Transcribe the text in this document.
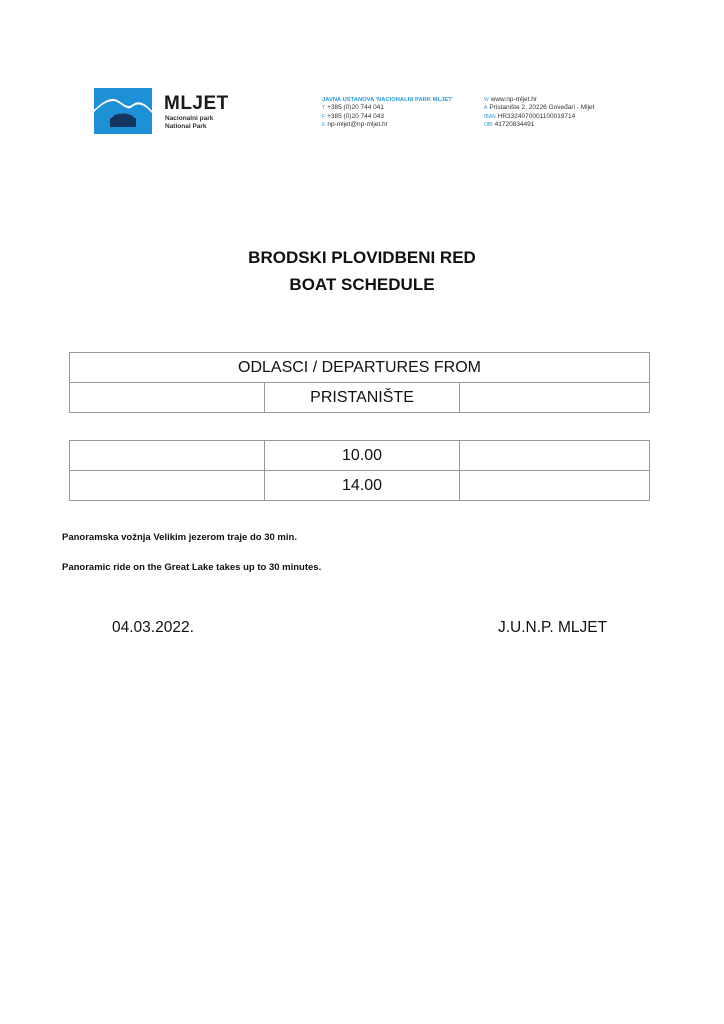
MLJET
Nacionalni park
National Park
JAVNA USTANOVA 'NACIONALNI PARK MLJET'
T +385 (0)20 744 041
F +385 (0)20 744 043
E np-mljet@np-mljet.hr
W www.np-mljet.hr
A Pristanište 2, 20226 Goveđari - Mljet
IBAN HR3324070001100019714
OIB 41720834491
BRODSKI PLOVIDBENI RED
BOAT SCHEDULE
ODLASCI / DEPARTURES FROM
	PRISTANIŠTE	
	10.00	
	14.00	
Panoramska vožnja Velikim jezerom traje do 30 min.
Panoramic ride on the Great Lake takes up to 30 minutes.
04.03.2022.	J.U.N.P. MLJET
